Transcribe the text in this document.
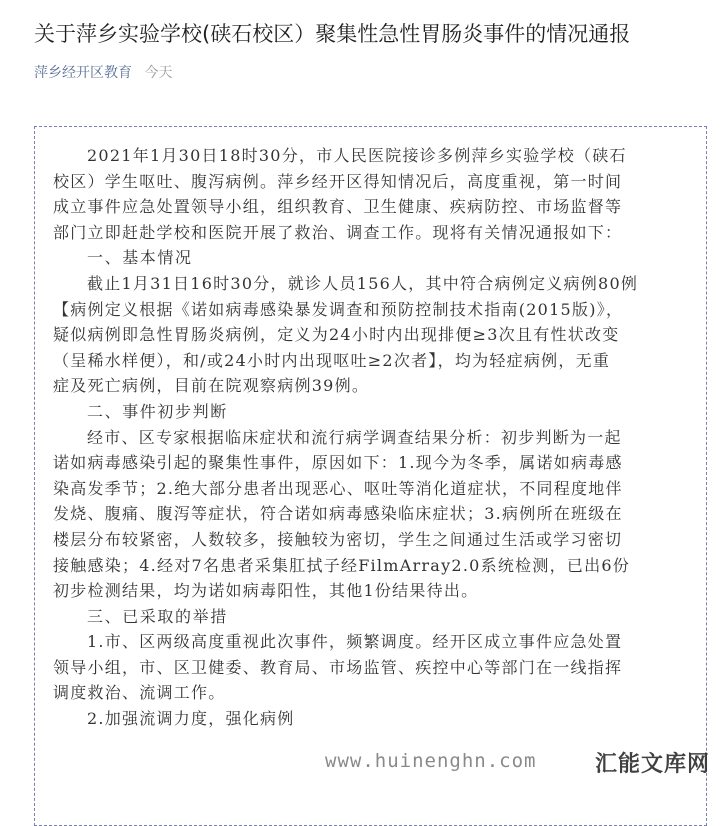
关于萍乡实验学校(硖石校区）聚集性急性胃肠炎事件的情况通报
萍乡经开区教育 今天
2021年1月30日18时30分，市人民医院接诊多例萍乡实验学校（硖石
校区）学生呕吐、腹泻病例。萍乡经开区得知情况后，高度重视，第一时间
成立事件应急处置领导小组，组织教育、卫生健康、疾病防控、市场监督等
部门立即赶赴学校和医院开展了救治、调查工作。现将有关情况通报如下：
一、基本情况
截止1月31日16时30分，就诊人员156人，其中符合病例定义病例80例
【病例定义根据《诺如病毒感染暴发调查和预防控制技术指南(2015版)》，
疑似病例即急性胃肠炎病例，定义为24小时内出现排便≥3次且有性状改变
（呈稀水样便），和/或24小时内出现呕吐≥2次者】，均为轻症病例，无重
症及死亡病例，目前在院观察病例39例。
二、事件初步判断
经市、区专家根据临床症状和流行病学调查结果分析：初步判断为一起
诺如病毒感染引起的聚集性事件，原因如下：1.现今为冬季，属诺如病毒感
染高发季节；2.绝大部分患者出现恶心、呕吐等消化道症状，不同程度地伴
发烧、腹痛、腹泻等症状，符合诺如病毒感染临床症状；3.病例所在班级在
楼层分布较紧密，人数较多，接触较为密切，学生之间通过生活或学习密切
接触感染；4.经对7名患者采集肛拭子经FilmArray2.0系统检测，已出6份
初步检测结果，均为诺如病毒阳性，其他1份结果待出。
三、已采取的举措
1.市、区两级高度重视此次事件，频繁调度。经开区成立事件应急处置
领导小组，市、区卫健委、教育局、市场监管、疾控中心等部门在一线指挥
调度救治、流调工作。
2.加强流调力度，强化病例
www.huinenghn.com	汇能文库网
